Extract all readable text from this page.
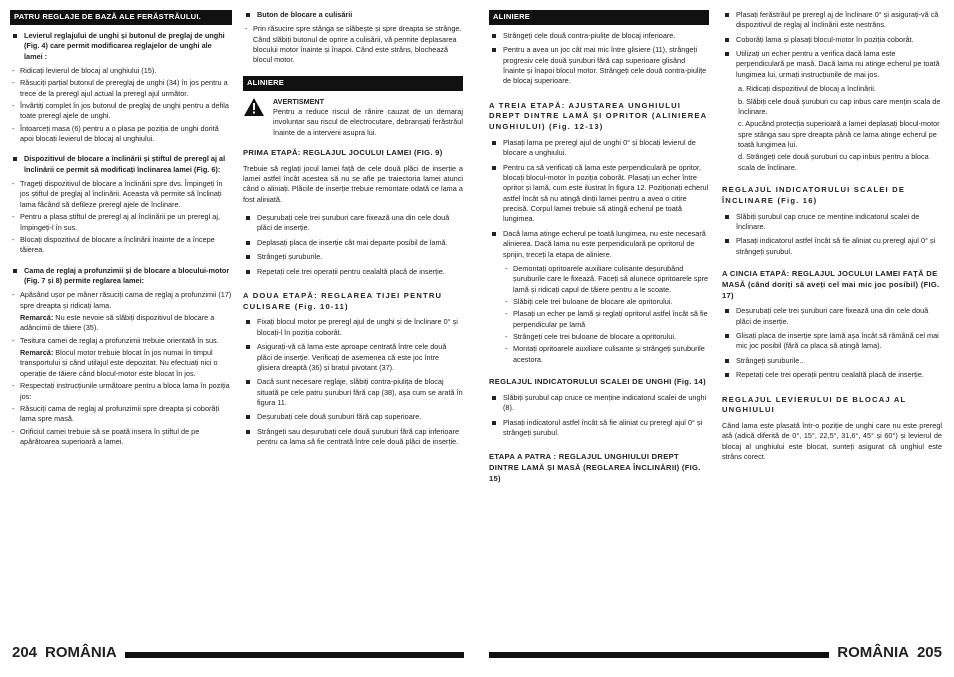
PATRU REGLAJE DE BAZĂ ALE FERĂSTRĂULUI.
Levierul reglajului de unghi și butonul de preglaj de unghi (Fig. 4) care permit modificarea reglajelor de unghi ale lamei :
- Ridicați levierul de blocaj al unghiului (15).
- Răsuciți parțial butonul de prereglaj de unghi (34) în jos pentru a trece de la preregl ajul actual la preregl ajul următor.
- Învârtiți complet în jos butonul de preglaj de unghi pentru a defila toate preregl ajele de unghi.
- Întoarceți masa (6) pentru a o plasa pe poziția de unghi dorită apoi blocați levierul de blocaj al unghiului.
Dispozitivul de blocare a înclinării și știftul de preregl aj al înclinării ce permit să modificați înclinarea lamei (Fig. 6):
- Trageți dispozitivul de blocare a înclinării spre dvs. Împingeți în jos știftul de preglaj al înclinării. Aceasta vă permite să înclinați lama făcând să defileze preregl ajele de înclinare.
- Pentru a plasa știftul de preregl aj al înclinării pe un preregl aj, împingeți-l în sus.
- Blocați dispozitivul de blocare a înclinării înainte de a începe tăierea.
Cama de reglaj a profunzimii și de blocare a blocului-motor (Fig. 7 și 8) permite reglarea lamei:
- Apăsând ușor pe mâner răsuciți cama de reglaj a profunzimii (17) spre dreapta și ridicați lama.
Remarcă: Nu este nevoie să slăbiți dispozitivul de blocare a adâncimii de tăiere (35).
- Tesitura camei de reglaj a profunzimii trebuie orientată în sus.
Remarcă: Blocul motor trebuie blocat în jos numai în timpul transportului și când utilajul este depozitat. Nu efectuați nici o operație de tăiere când blocul-motor este blocat în jos.
- Respectați instrucțiunile următoare pentru a bloca lama în poziția jos:
- Răsuciți cama de reglaj al profunzimii spre dreapta și coborâți lama spre masă.
- Orificiul camei trebuie să se poată insera în știftul de pe apărătoarea superioară a lamei.
Buton de blocare a culisării
- Prin răsucire spre stânga se slăbește și spre dreapta se strânge. Când slăbiți butonul de oprire a culisării, vă permite deplasarea blocului motor înainte și înapoi. Când este strâns, blochează blocul motor.
ALINIERE
AVERTISMENT
Pentru a reduce riscul de rănire cauzat de un demaraj involuntar sau riscul de electrocutare, debranșați ferăstrăul înainte de a interveni asupra lui.
PRIMA ETAPĂ: REGLAJUL JOCULUI LAMEI (FIG. 9)
Trebuie să reglați jocul lamei față de cele două plăci de inserție a lamei astfel încât acestea să nu se afle pe traiectoria lamei atunci când o aliniați. Plăcile de inserție trebuie remontate odată ce lama a fost aliniată.
Deșurubați cele trei șuruburi care fixează una din cele două plăci de inserție.
Deplasați placa de inserție cât mai departe posibil de lamă.
Strângeți șuruburile.
Repetați cele trei operații pentru cealaltă placă de inserție.
A DOUA ETAPĂ: REGLAREA TIJEI PENTRU CULISARE (Fig. 10-11)
Fixați blocul motor pe preregl ajul de unghi și de înclinare 0° și blocați-l în poziția coborât.
Asigurați-vă că lama este aproape centrată între cele două plăci de inserție. Verificați de asemenea că este joc între glisiera dreaptă (36) și brațul pivotant (37).
Dacă sunt necesare reglaje, slăbiți contra-piulița de blocaj situată pe cele patru șuruburi fără cap (38), așa cum se arată în figura 11.
Deșurubați cele două șuruburi fără cap superioare.
Strângeți sau deșurubați cele două șuruburi fără cap inferioare pentru ca lama să fie centrată între cele două plăci de inserție.
ALINIERE
Strângeți cele două contra-piulițe de blocaj inferioare.
Pentru a avea un joc cât mai mic între glisiere (11), strângeți progresiv cele două șuruburi fără cap superioare glisând înainte și înapoi blocul motor. Strângeți cele două contra-piulițe de blocaj superioare.
A TREIA ETAPĂ: AJUSTAREA UNGHIULUI DREPT DINTRE LAMĂ ȘI OPRITOR (ALINIEREA UNGHIULUI) (Fig. 12-13)
Plasați lama pe preregl ajul de unghi 0° și blocați levierul de blocare a unghiului.
Pentru ca să verificați că lama este perpendiculară pe opritor, blocați blocul-motor în poziția coborât. Plasați un echer între opritor și lamă, cum este ilustrat în figura 12. Poziționați echerul astfel încât să nu atingă dinții lamei pentru a avea o citire precisă. Corpul lamei trebuie să atingă echerul pe toată lungimea.
Dacă lama atinge echerul pe toată lungimea, nu este necesară alinierea. Dacă lama nu este perpendiculară pe opritorul de sprijin, treceți la etapa de aliniere.
- Demontați opritoarele auxiliare culisante deșurubând șuruburile care le fixează. Faceți să alunece opritoarele spre lamă și ridicați capul de tăiere pentru a le scoate.
- Slăbiți cele trei buloane de blocare ale opritorului.
- Plasați un echer pe lamă și reglați opritorul astfel încât să fie perpendicular pe lamă
- Strângeți cele trei buloane de blocare a opritorului.
- Montați opritoarele auxiliare culisante și strângeți șuruburile acestora.
REGLAJUL INDICATORULUI SCALEI DE UNGHI (Fig. 14)
Slăbiți șurubul cap cruce ce menține indicatorul scalei de unghi (8).
Plasați indicatorul astfel încât să fie aliniat cu preregl ajul 0° și strângeți șurubul.
ETAPA A PATRA : REGLAJUL UNGHIULUI DREPT DINTRE LAMĂ ȘI MASĂ (REGLAREA ÎNCLINĂRII) (FIG. 15)
Plasați ferăstrăul pe preregl aj de înclinare 0° și asigurați-vă că dispozitivul de reglaj al înclinării este nestrâns.
Coborâți lama și plasați blocul-motor în poziția coborât.
Utilizați un echer pentru a verifica dacă lama este perpendiculară pe masă. Dacă lama nu atinge echerul pe toată lungimea lui, urmați instrucțiunile de mai jos.
a. Ridicați dispozitivul de blocaj a înclinării.
b. Slăbiți cele două șuruburi cu cap inbus care mențin scala de înclinare.
c. Apucând protecția superioară a lamei deplasați blocul-motor spre stânga sau spre dreapta până ce lama atinge echerul pe toată lungimea lui.
d. Strângeți cele două șuruburi cu cap inbus pentru a bloca scala de înclinare.
REGLAJUL INDICATORULUI SCALEI DE ÎNCLINARE (Fig. 16)
Slăbiți șurubul cap cruce ce menține indicatorul scalei de înclinare.
Plasați indicatorul astfel încât să fie aliniat cu preregl ajul 0° și strângeți șurubul.
A CINCIA ETAPĂ: REGLAJUL JOCULUI LAMEI FAȚĂ DE MASĂ (când doriți să aveți cel mai mic joc posibil) (FIG. 17)
Deșurubați cele trei șuruburi care fixează una din cele două plăci de inserție.
Glisați placa de inserție spre lamă așa încât să rămână cel mai mic joc posibil (fără ca placa să atingă lama).
Strângeți șuruburile..
Repetați cele trei operații pentru cealaltă placă de inserție.
REGLAJUL LEVIERULUI DE BLOCAJ AL UNGHIULUI
Când lama este plasată într-o poziție de unghi care nu este preregl ată (adică diferită de 0°, 15°, 22,5°, 31,6°, 45° și 60°) și levierul de blocaj al unghiului este blocat, sunteți asigurat că unghiul este strâns corect.
204 ROMÂNIA	ROMÂNIA 205
